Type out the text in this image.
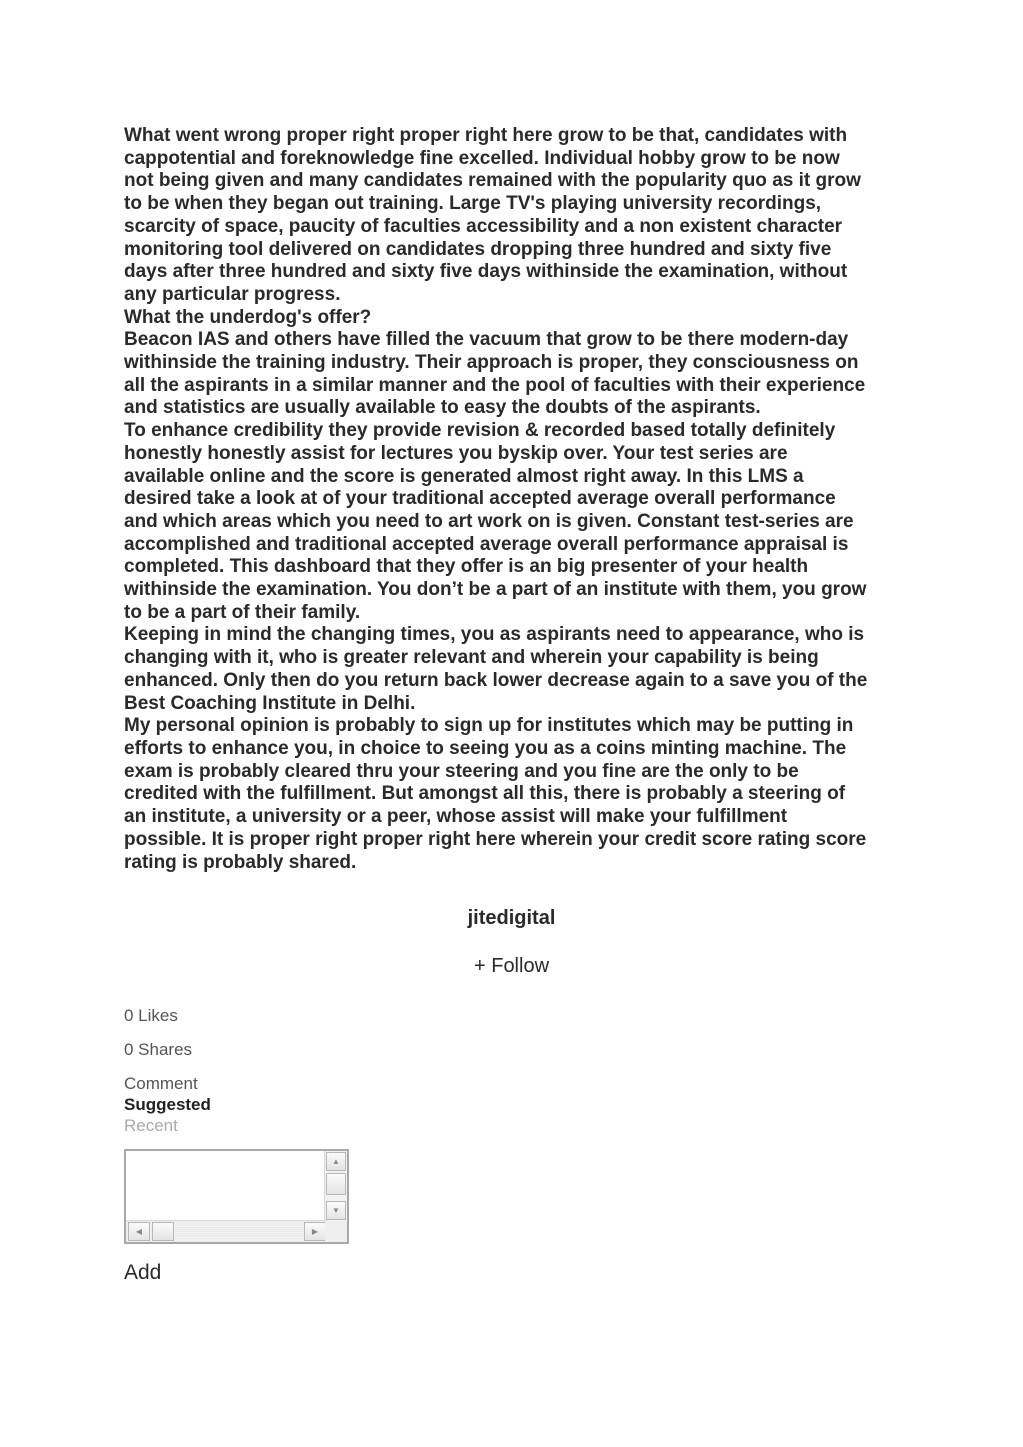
What went wrong proper right proper right here grow to be that, candidates with
cappotential and foreknowledge fine excelled. Individual hobby grow to be now
not being given and many candidates remained with the popularity quo as it grow
to be when they began out training. Large TV's playing university recordings,
scarcity of space, paucity of faculties accessibility and a non existent character
monitoring tool delivered on candidates dropping three hundred and sixty five
days after three hundred and sixty five days withinside the examination, without
any particular progress.

What the underdog's offer?

Beacon IAS and others have filled the vacuum that grow to be there modern-day
withinside the training industry. Their approach is proper, they consciousness on
all the aspirants in a similar manner and the pool of faculties with their experience
and statistics are usually available to easy the doubts of the aspirants.

To enhance credibility they provide revision & recorded based totally definitely
honestly honestly assist for lectures you byskip over. Your test series are
available online and the score is generated almost right away. In this LMS a
desired take a look at of your traditional accepted average overall performance
and which areas which you need to art work on is given. Constant test-series are
accomplished and traditional accepted average overall performance appraisal is
completed. This dashboard that they offer is an big presenter of your health
withinside the examination. You don’t be a part of an institute with them, you grow
to be a part of their family.

Keeping in mind the changing times, you as aspirants need to appearance, who is
changing with it, who is greater relevant and wherein your capability is being
enhanced. Only then do you return back lower decrease again to a save you of the
Best Coaching Institute in Delhi.

My personal opinion is probably to sign up for institutes which may be putting in
efforts to enhance you, in choice to seeing you as a coins minting machine. The
exam is probably cleared thru your steering and you fine are the only to be
credited with the fulfillment. But amongst all this, there is probably a steering of
an institute, a university or a peer, whose assist will make your fulfillment
possible. It is proper right proper right here wherein your credit score rating score
rating is probably shared.

jitedigital
+ Follow
0 Likes
0 Shares
Comment
Suggested
Recent
▲
▼
◀	▶
Add
